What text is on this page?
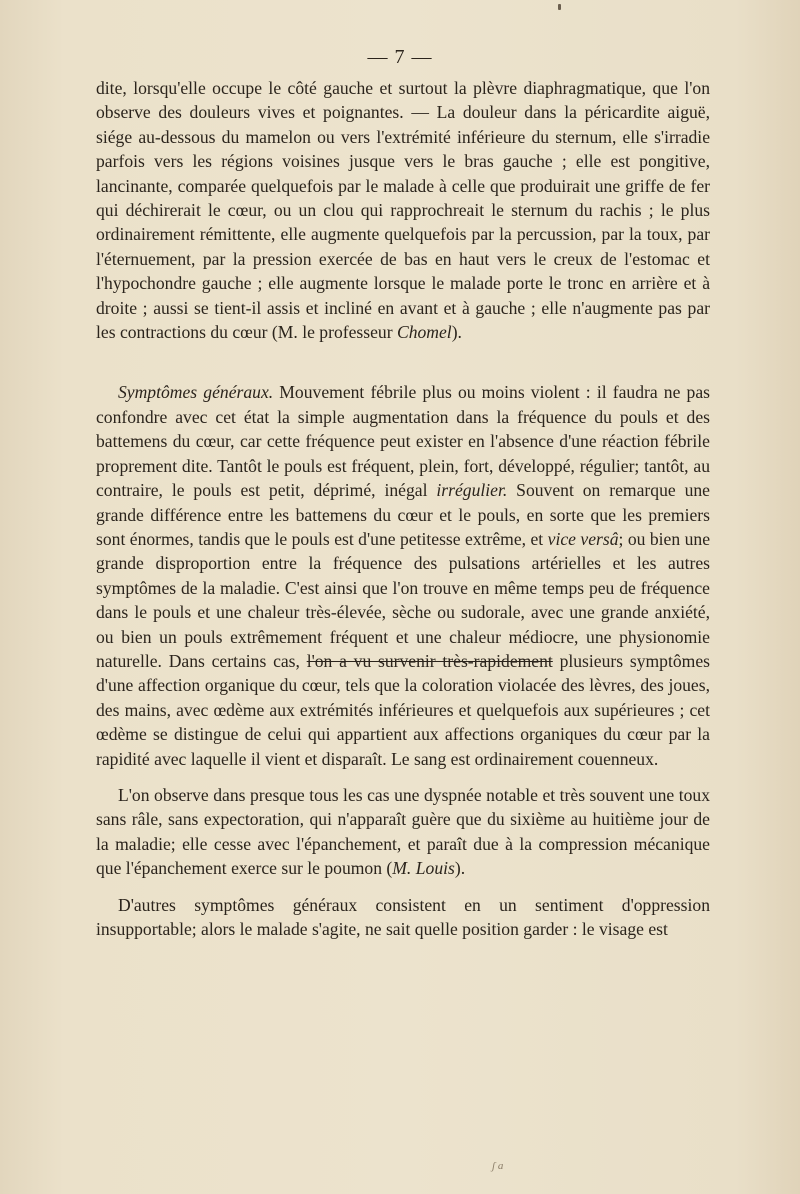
— 7 —

dite, lorsqu'elle occupe le côté gauche et surtout la plèvre diaphragmatique, que l'on observe des douleurs vives et poignantes. — La douleur dans la péricardite aiguë, siége au-dessous du mamelon ou vers l'extrémité inférieure du sternum, elle s'irradie parfois vers les régions voisines jusque vers le bras gauche ; elle est pongitive, lancinante, comparée quelquefois par le malade à celle que produirait une griffe de fer qui déchirerait le cœur, ou un clou qui rapprochreait le sternum du rachis ; le plus ordinairement rémittente, elle augmente quelquefois par la percussion, par la toux, par l'éternuement, par la pression exercée de bas en haut vers le creux de l'estomac et l'hypochondre gauche ; elle augmente lorsque le malade porte le tronc en arrière et à droite ; aussi se tient-il assis et incliné en avant et à gauche ; elle n'augmente pas par les contractions du cœur (M. le professeur Chomel).

Symptômes généraux. Mouvement fébrile plus ou moins violent : il faudra ne pas confondre avec cet état la simple augmentation dans la fréquence du pouls et des battemens du cœur, car cette fréquence peut exister en l'absence d'une réaction fébrile proprement dite. Tantôt le pouls est fréquent, plein, fort, développé, régulier; tantôt, au contraire, le pouls est petit, déprimé, inégal irrégulier. Souvent on remarque une grande différence entre les battemens du cœur et le pouls, en sorte que les premiers sont énormes, tandis que le pouls est d'une petitesse extrême, et vice versâ; ou bien une grande disproportion entre la fréquence des pulsations artérielles et les autres symptômes de la maladie. C'est ainsi que l'on trouve en même temps peu de fréquence dans le pouls et une chaleur très-élevée, sèche ou sudorale, avec une grande anxiété, ou bien un pouls extrêmement fréquent et une chaleur médiocre, une physionomie naturelle. Dans certains cas, l'on a vu survenir très-rapidement plusieurs symptômes d'une affection organique du cœur, tels que la coloration violacée des lèvres, des joues, des mains, avec œdème aux extrémités inférieures et quelquefois aux supérieures ; cet œdème se distingue de celui qui appartient aux affections organiques du cœur par la rapidité avec laquelle il vient et disparaît. Le sang est ordinairement couenneux.

L'on observe dans presque tous les cas une dyspnée notable et très souvent une toux sans râle, sans expectoration, qui n'apparaît guère que du sixième au huitième jour de la maladie; elle cesse avec l'épanchement, et paraît due à la compression mécanique que l'épanchement exerce sur le poumon (M. Louis).

D'autres symptômes généraux consistent en un sentiment d'oppression insupportable; alors le malade s'agite, ne sait quelle position garder : le visage est

ʃ a
